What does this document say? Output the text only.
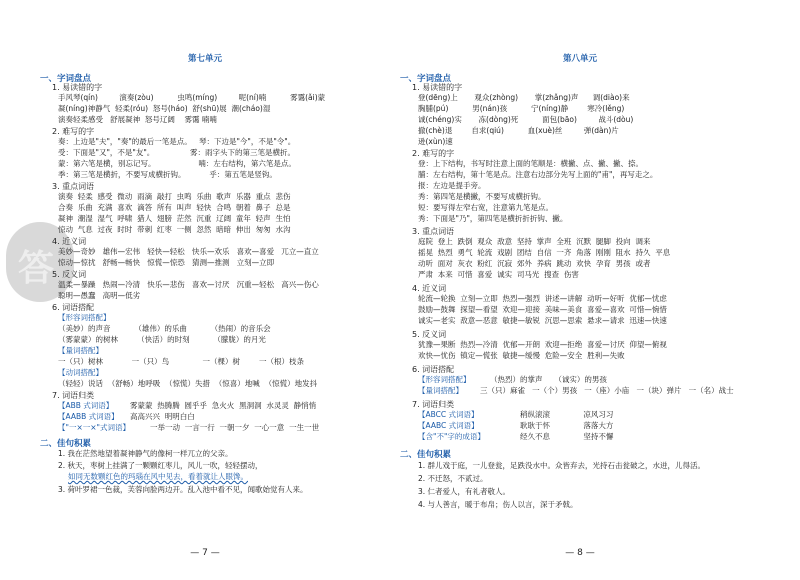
答
第七单元
一、字词盘点
1. 易读错的字
手风琴(qín)         演奏(zòu)          虫鸣(míng)         呢(ní)喃          雾霭(ǎi)蒙
凝(níng)神静气  轻柔(róu)  怒号(háo)  舒(shū)展  潮(cháo)湿
演奏轻柔感受   舒展凝神  怒号辽阔    雾霭 喃喃
2. 难写的字
奏：上边是"夫"，"奏"的最后一笔是点。   琴：下边是"今"，不是"令"。
受：下面是"又"，不是"友"。               雾：雨字头下的第三笔是横折。
蒙：第六笔是横，别忘记写。                  喃：左右结构，第六笔是点。
季：第三笔是横折，不要写成横折钩。          乎：第五笔是竖钩。
3. 重点词语
演奏  轻柔  感受  微动  雨滴  敲打  虫鸣  乐曲  歌声  乐器  重点  悲伤
合奏  乐曲  充满  喜欢  滴答  所有  叫声  轻快  合鸣  朝着  鼻子  总是
凝神  潮湿  湿气  呼啸  猎人  翅膀  茫然  沉重  辽阔  童年  轻声  生怕
惊动  气息  过夜  时时  带刺  红枣  一侧  忽然  暗暗  伸出  匆匆  水沟
4. 近义词
美妙—奇妙   雄伟—宏伟   轻快—轻松   快乐—欢乐   喜欢—喜爱   兀立—直立
惊动—惊扰   舒畅—畅快   惊慌—惊恐   猜测—推测   立刻—立即
5. 反义词
温柔—暴躁   热闹—冷清   快乐—悲伤   喜欢—讨厌   沉重—轻松   高兴—伤心
聪明—愚蠢   高明—低劣
6. 词语搭配
【形容词搭配】
（美妙）的声音          （雄伟）的乐曲          （热闹）的音乐会
（雾蒙蒙）的树林        （快活）的时刻          （朦胧）的月光
【量词搭配】
一（只）树林            一（只）鸟              一（棵）树        一（根）枝条
【动词搭配】
（轻轻）说话  （舒畅）地呼吸  （惊慌）失措  （惊喜）地喊  （惊慌）地发抖
7. 词语归类
【ABB 式词语】 雾蒙蒙  热腾腾  圆乎乎  急火火  黑洞洞  水灵灵  静悄悄
【AABB 式词语】 高高兴兴  明明白白
【"一×一×"式词语】	一举一动  一言一行  一朝一夕  一心一意  一生一世
二、佳句积累
1. 我在茫然地望着凝神静气的像柯一样兀立的父亲。
2. 秋天，枣树上挂满了一颗颗红枣儿，风儿一吹，轻轻摆动，
如同无数颗红色的玛瑙在风中见去，看着就让人眼馋。
3. 荷叶罗裙一色裁，芙蓉向脸两边开。乱入池中看不见，闻歌始觉有人来。
— 7 —
第八单元
一、字词盘点
1. 易读错的字
登(dēng)上       观众(zhòng)       掌(zhǎng)声      调(diào)来
胸脯(pú)          男(nán)孩          宁(níng)静        寒冷(lěng)
诚(chéng)实       冻(dòng)死          面包(bāo)         战斗(dòu)
撤(chè)退        自求(qiú)          血(xuè)丝         弹(dàn)片
逊(xùn)速
2. 难写的字
登：上下结构，书写时注意上面的笔顺是：横撇、点、撇、撇、捺。
脯：左右结构，第十笔是点。注意右边部分先写上面的"甫"，再写走之。
报：左边是提手旁。
秀：第四笔是横撇，不要写成横折钩。
短：要写得左窄右宽，注意第九笔是点。
秀：下面是"乃"，第四笔是横折折折钩、撇。
3. 重点词语
庭院  登上  跌倒  观众  敌意  坚持  掌声  全班  沉默  腿脚  投向  调来
摇晃  热烈  勇气  轮流  戏剧  团结  自信  一齐  角落  刚刚  阻水  持久  平息
动听  面对  灰衣  粉红  沉寂  郊外  养病  跳动  欢快  孕育  男孩  或者
严肃  本来  可惜  喜爱  诚实  司马光  搜查  伤害
4. 近义词
轮流—轮换  立刻—立即  热烈—强烈  讲述—讲解  动听—好听  优郁—忧虑
鼓励—鼓舞  探望—看望  欢迎—迎接  美味—美食  喜爱—喜欢  可惜—惋惜
诚实—老实  敌意—恶意  敏捷—敏锐  沉思—思索  悬求—请求  迅速—快速
5. 反义词
犹豫—果断  热烈—冷清  优郁—开朗  欢迎—拒绝  喜爱—讨厌  仰望—俯视
欢快—忧伤  镇定—慌张  敏捷—缓慢  危险—安全  胜利—失败
6. 词语搭配
【形容词搭配】	（热烈）的掌声     （诚实）的男孩
【量词搭配】 三（只）麻雀   一（个）男孩   一（座）小庙   一（块）弹片   一（名）战士
7. 词语归类
【ABCC 式词语】	稍纵滚滚              凉风习习
【AABC 式词语】	耿耿于怀              落落大方
【含"不"字的成语】	经久不息              坚持不懈
二、佳句积累
1. 群儿戏于庭，一儿登瓮，足跌没水中。众皆弃去，光持石击瓮破之，水迸，儿得活。
2. 不迁怒，不贰过。
3. 仁者爱人，有礼者敬人。
4. 与人善言，暖于布帛；伤人以言，深于矛戟。
— 8 —
